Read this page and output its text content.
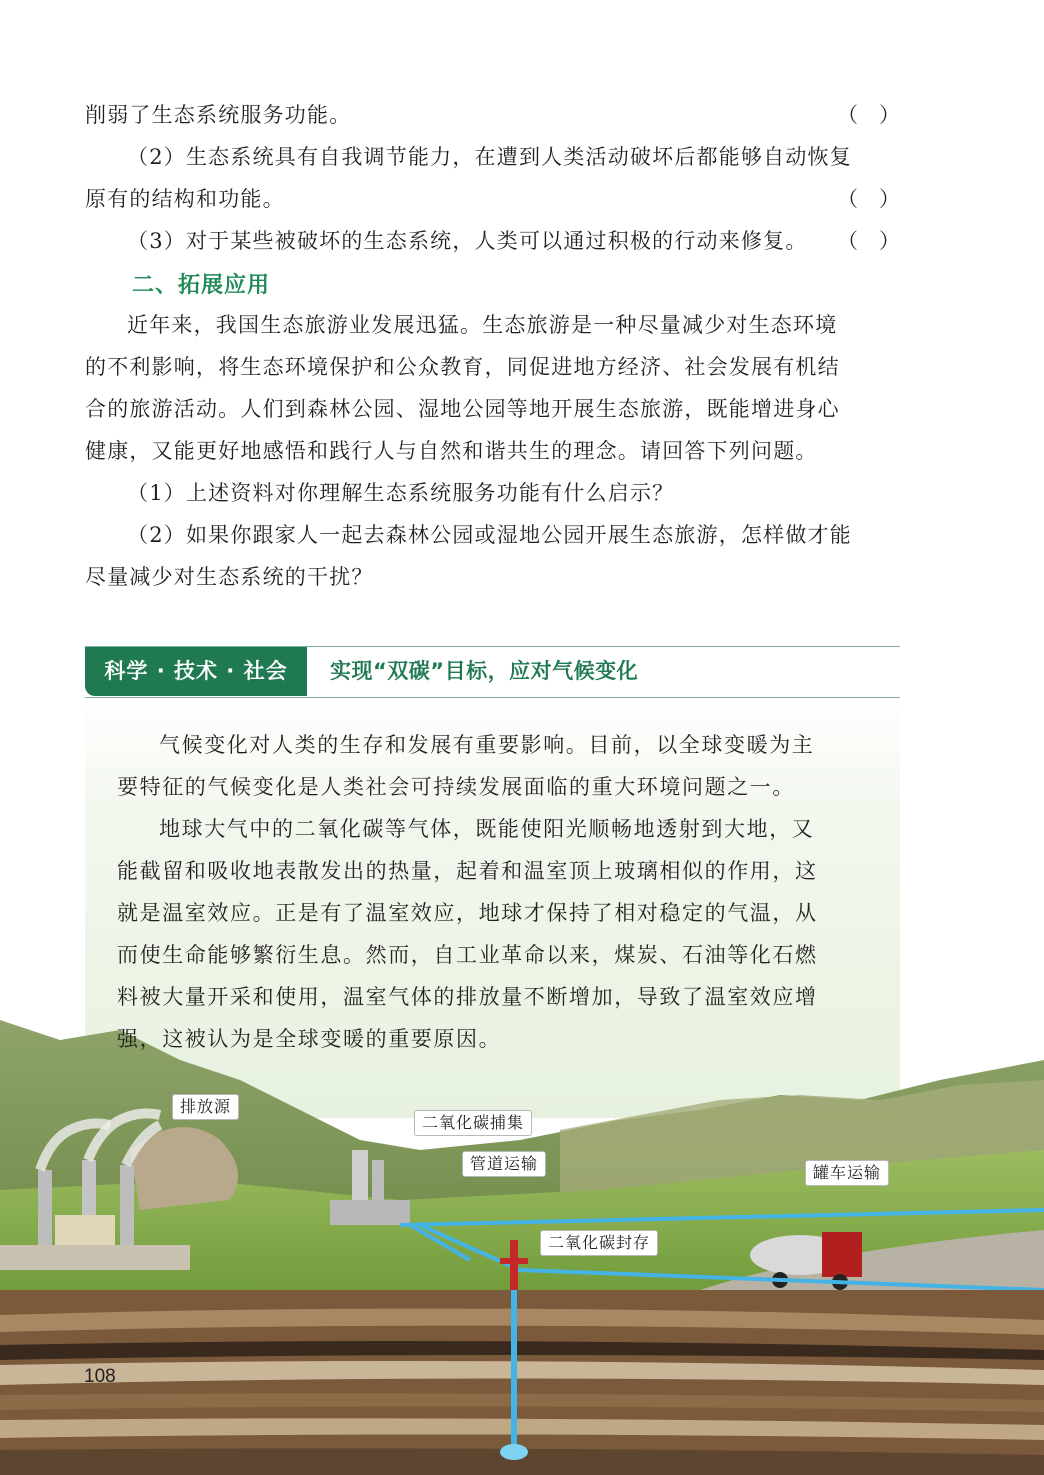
削弱了生态系统服务功能。	（　）
（2）生态系统具有自我调节能力，在遭到人类活动破坏后都能够自动恢复
原有的结构和功能。	（　）
（3）对于某些被破坏的生态系统，人类可以通过积极的行动来修复。	（　）
二、拓展应用
近年来，我国生态旅游业发展迅猛。生态旅游是一种尽量减少对生态环境
的不利影响，将生态环境保护和公众教育，同促进地方经济、社会发展有机结
合的旅游活动。人们到森林公园、湿地公园等地开展生态旅游，既能增进身心
健康，又能更好地感悟和践行人与自然和谐共生的理念。请回答下列问题。
（1）上述资料对你理解生态系统服务功能有什么启示？
（2）如果你跟家人一起去森林公园或湿地公园开展生态旅游，怎样做才能
尽量减少对生态系统的干扰？
科学 · 技术 · 社会	实现“双碳”目标，应对气候变化
气候变化对人类的生存和发展有重要影响。目前，以全球变暖为主
要特征的气候变化是人类社会可持续发展面临的重大环境问题之一。
地球大气中的二氧化碳等气体，既能使阳光顺畅地透射到大地，又
能截留和吸收地表散发出的热量，起着和温室顶上玻璃相似的作用，这
就是温室效应。正是有了温室效应，地球才保持了相对稳定的气温，从
而使生命能够繁衍生息。然而，自工业革命以来，煤炭、石油等化石燃
料被大量开采和使用，温室气体的排放量不断增加，导致了温室效应增
强，这被认为是全球变暖的重要原因。
排放源
二氧化碳捕集
管道运输	罐车运输
二氧化碳封存
108
